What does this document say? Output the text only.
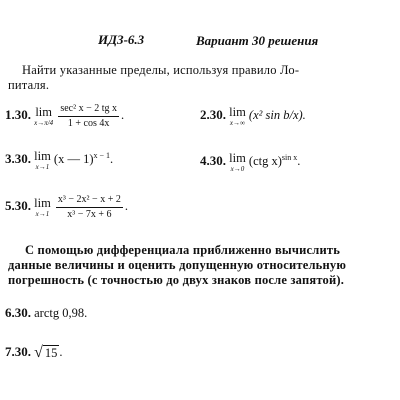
ИДЗ-6.3	Вариант 30 решения
Найти указанные пределы, используя правило Ло-
питаля.
1.30. lim
x→π/4
$\frac{\text{sec² x − 2 tg x}}{1 + \cos 4x}$ .	2.30. lim
x→∞
(x² sin b/x).
3.30. lim
x→1
(x — 1)$^{x - 1}$.	4.30. lim
x→0
(ctg x)$^{sin x}$.
5.30. lim
x→1
$\frac{\text{x³ − 2x² − x + 2}}{\text{x³ − 7x + 6}}$ .
С помощью дифференциала приближенно вычислить
данные величины и оценить допущенную относительную
погрешность (с точностью до двух знаков после запятой).
6.30. arctg 0,98.
7.30. √ 15 .
